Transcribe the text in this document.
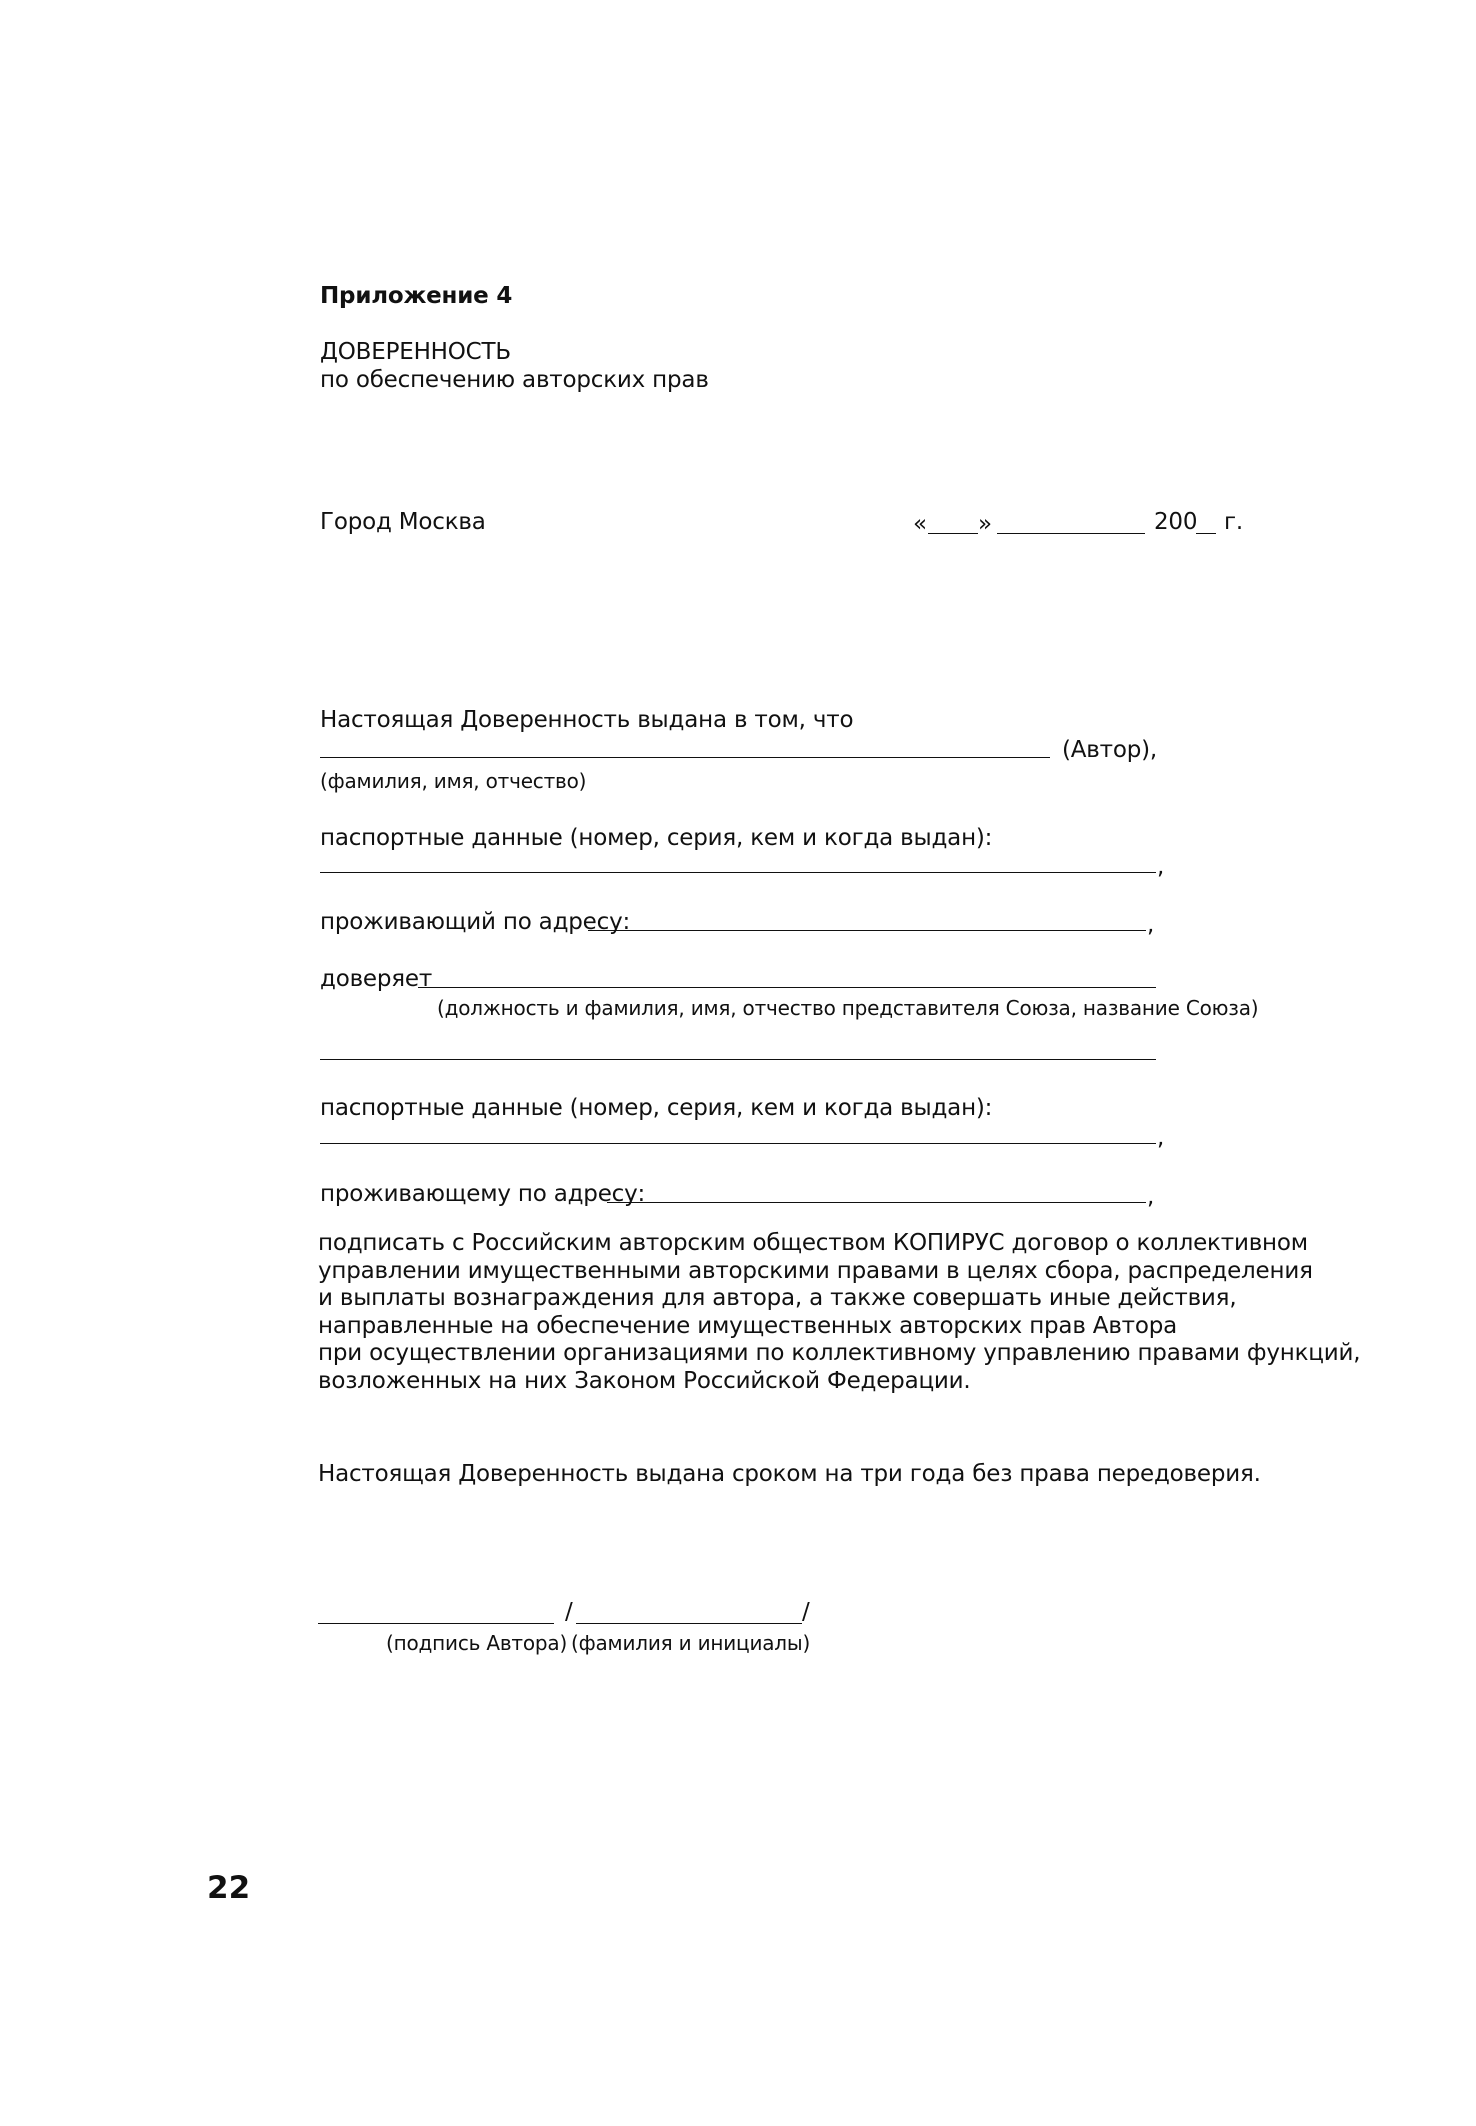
Приложение 4
ДОВЕРЕННОСТЬ
по обеспечению авторских прав
Город Москва	« »	200 г.
Настоящая Доверенность выдана в том, что
(Автор),
(фамилия, имя, отчество)
паспортные данные (номер, серия, кем и когда выдан):
,
проживающий по адресу:	,
доверяет
(должность и фамилия, имя, отчество представителя Союза, название Союза)
паспортные данные (номер, серия, кем и когда выдан):
,
проживающему по адресу:	,
подписать с Российским авторским обществом КОПИРУС договор о коллективном
управлении имущественными авторскими правами в целях сбора, распределения
и выплаты вознаграждения для автора, а также совершать иные действия,
направленные на обеспечение имущественных авторских прав Автора
при осуществлении организациями по коллективному управлению правами функций,
возложенных на них Законом Российской Федерации.
Настоящая Доверенность выдана сроком на три года без права передоверия.
/	/
(подпись Автора) (фамилия и инициалы)
22
